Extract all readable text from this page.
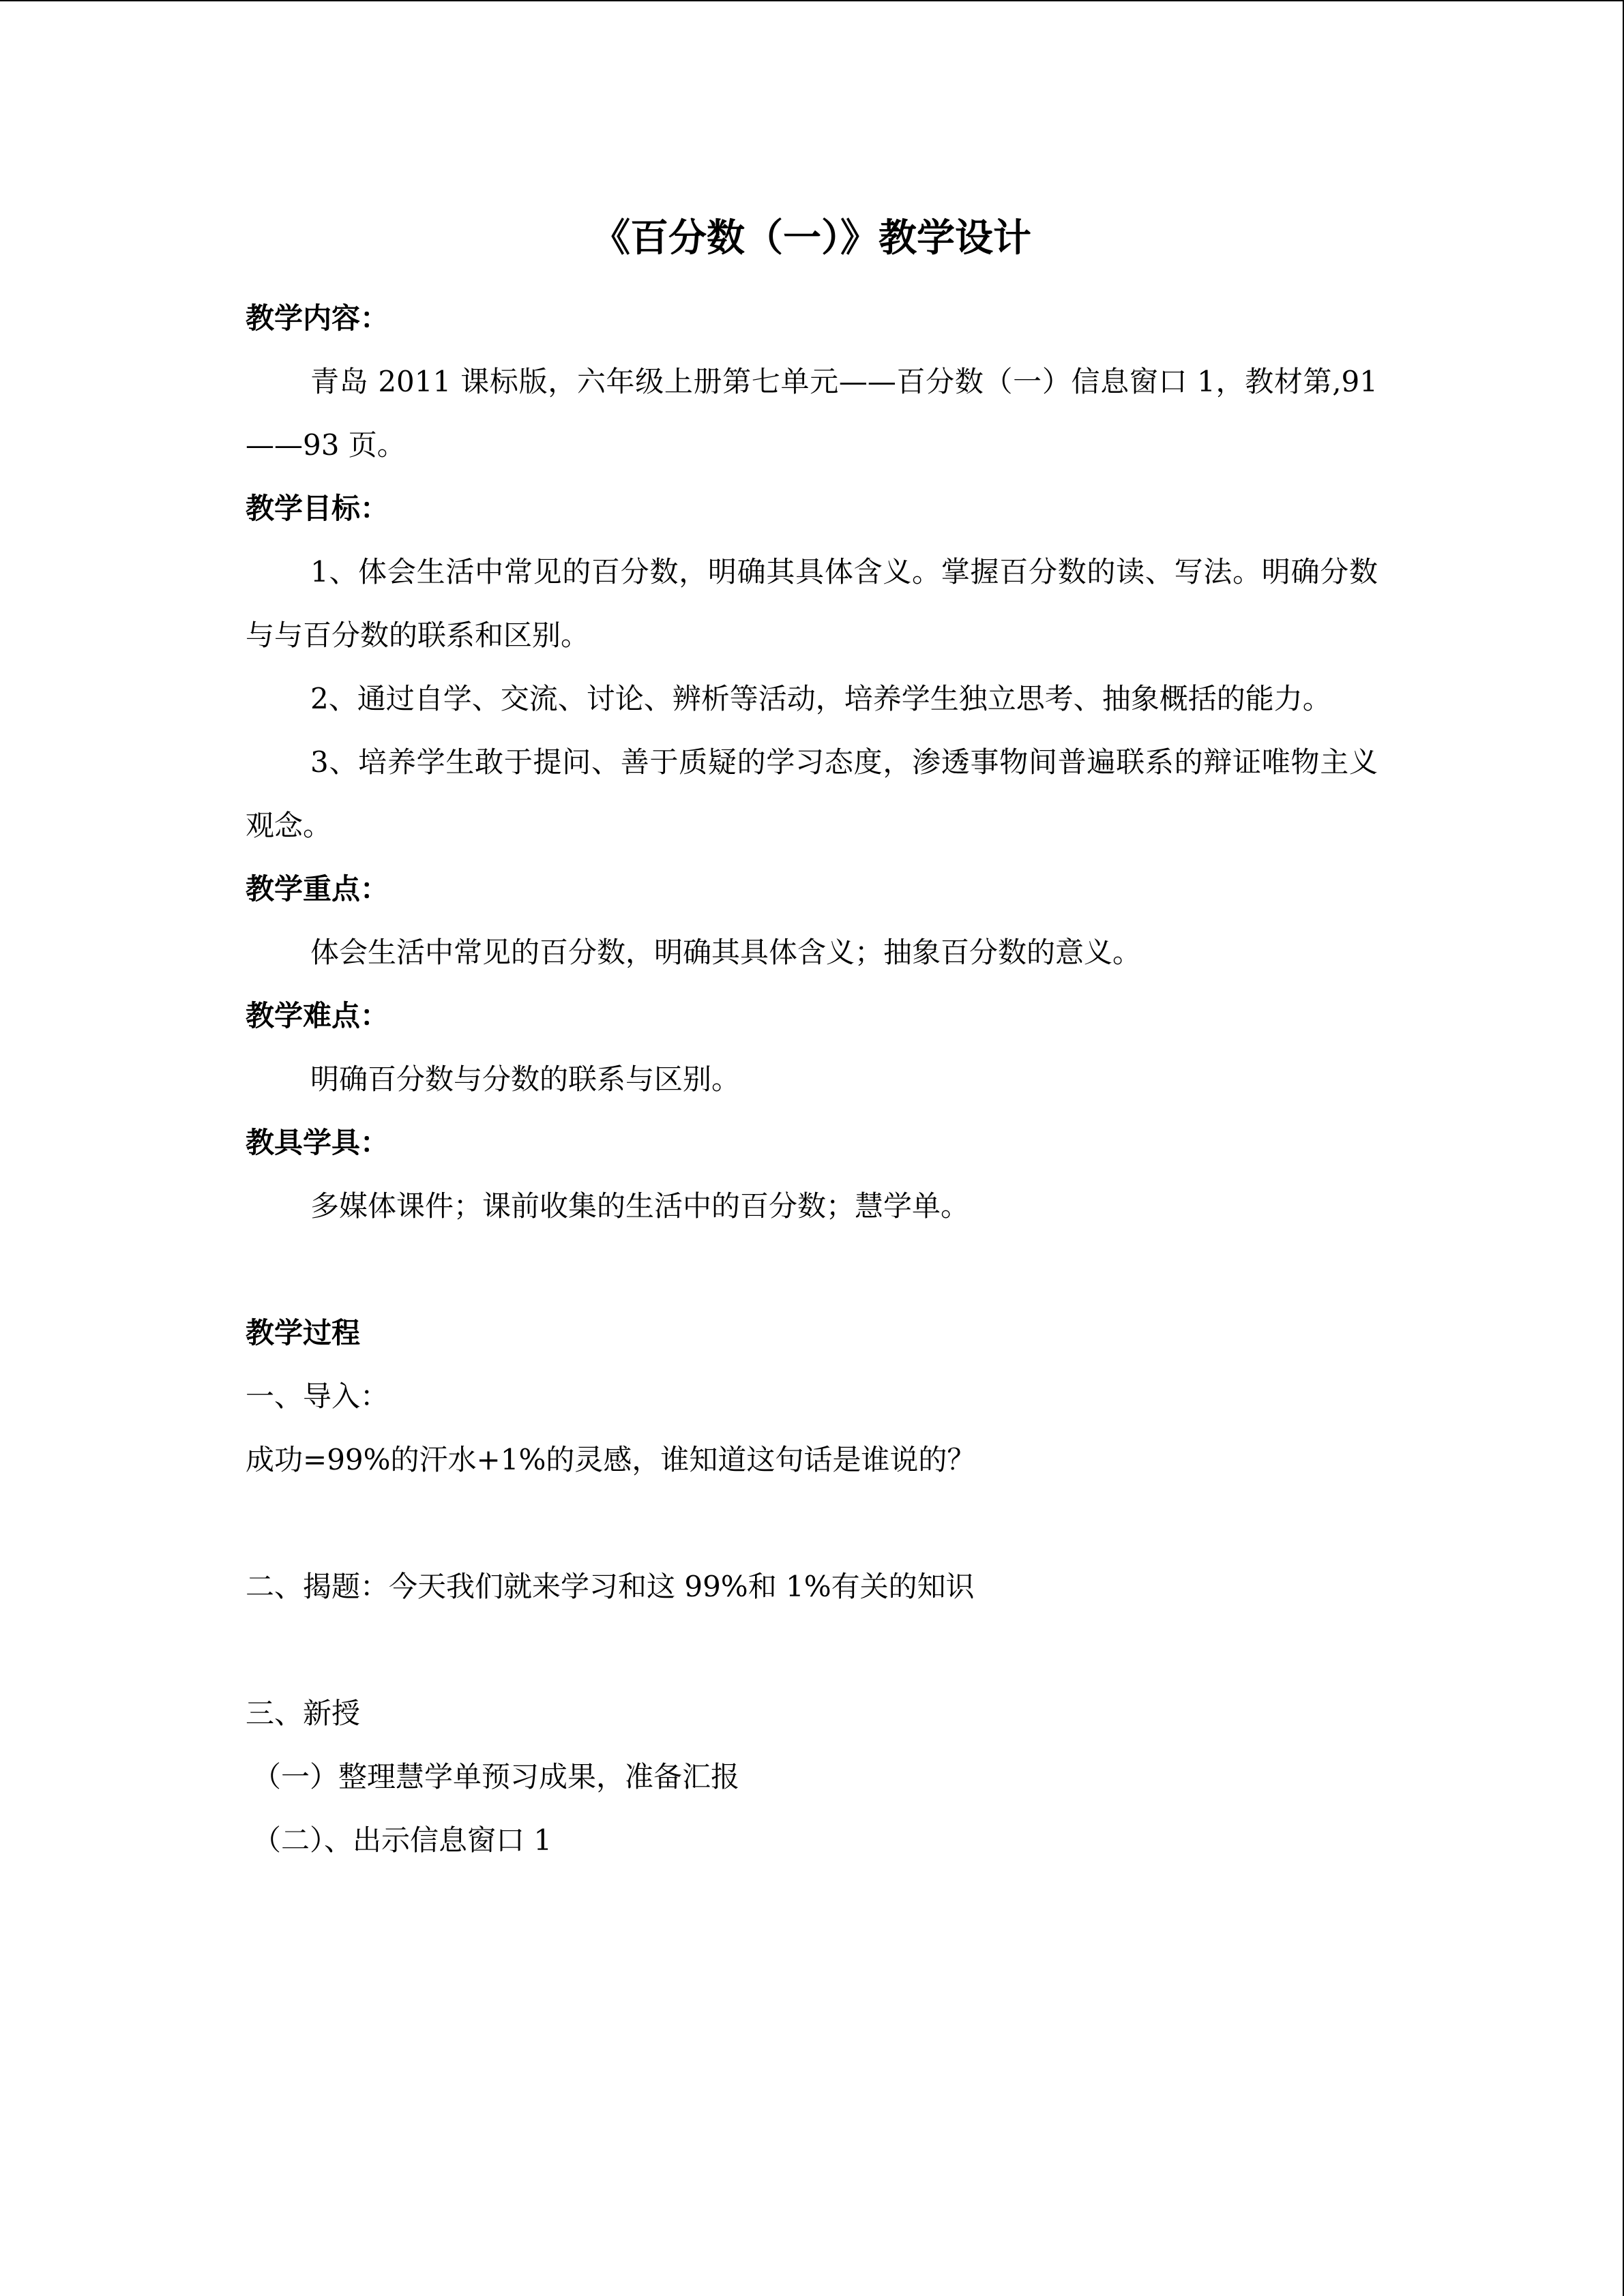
《百分数（一）》教学设计

教学内容：

青岛 2011 课标版，六年级上册第七单元——百分数（一）信息窗口 1，教材第,91——93 页。

教学目标：

1、体会生活中常见的百分数，明确其具体含义。掌握百分数的读、写法。明确分数与与百分数的联系和区别。

2、通过自学、交流、讨论、辨析等活动，培养学生独立思考、抽象概括的能力。

3、培养学生敢于提问、善于质疑的学习态度，渗透事物间普遍联系的辩证唯物主义观念。

教学重点：

体会生活中常见的百分数，明确其具体含义；抽象百分数的意义。

教学难点：

明确百分数与分数的联系与区别。

教具学具：

多媒体课件；课前收集的生活中的百分数；慧学单。

教学过程

一、导入：

成功=99%的汗水+1%的灵感，谁知道这句话是谁说的？

二、揭题：今天我们就来学习和这 99%和 1%有关的知识

三、新授

（一）整理慧学单预习成果，准备汇报

（二）、出示信息窗口 1
